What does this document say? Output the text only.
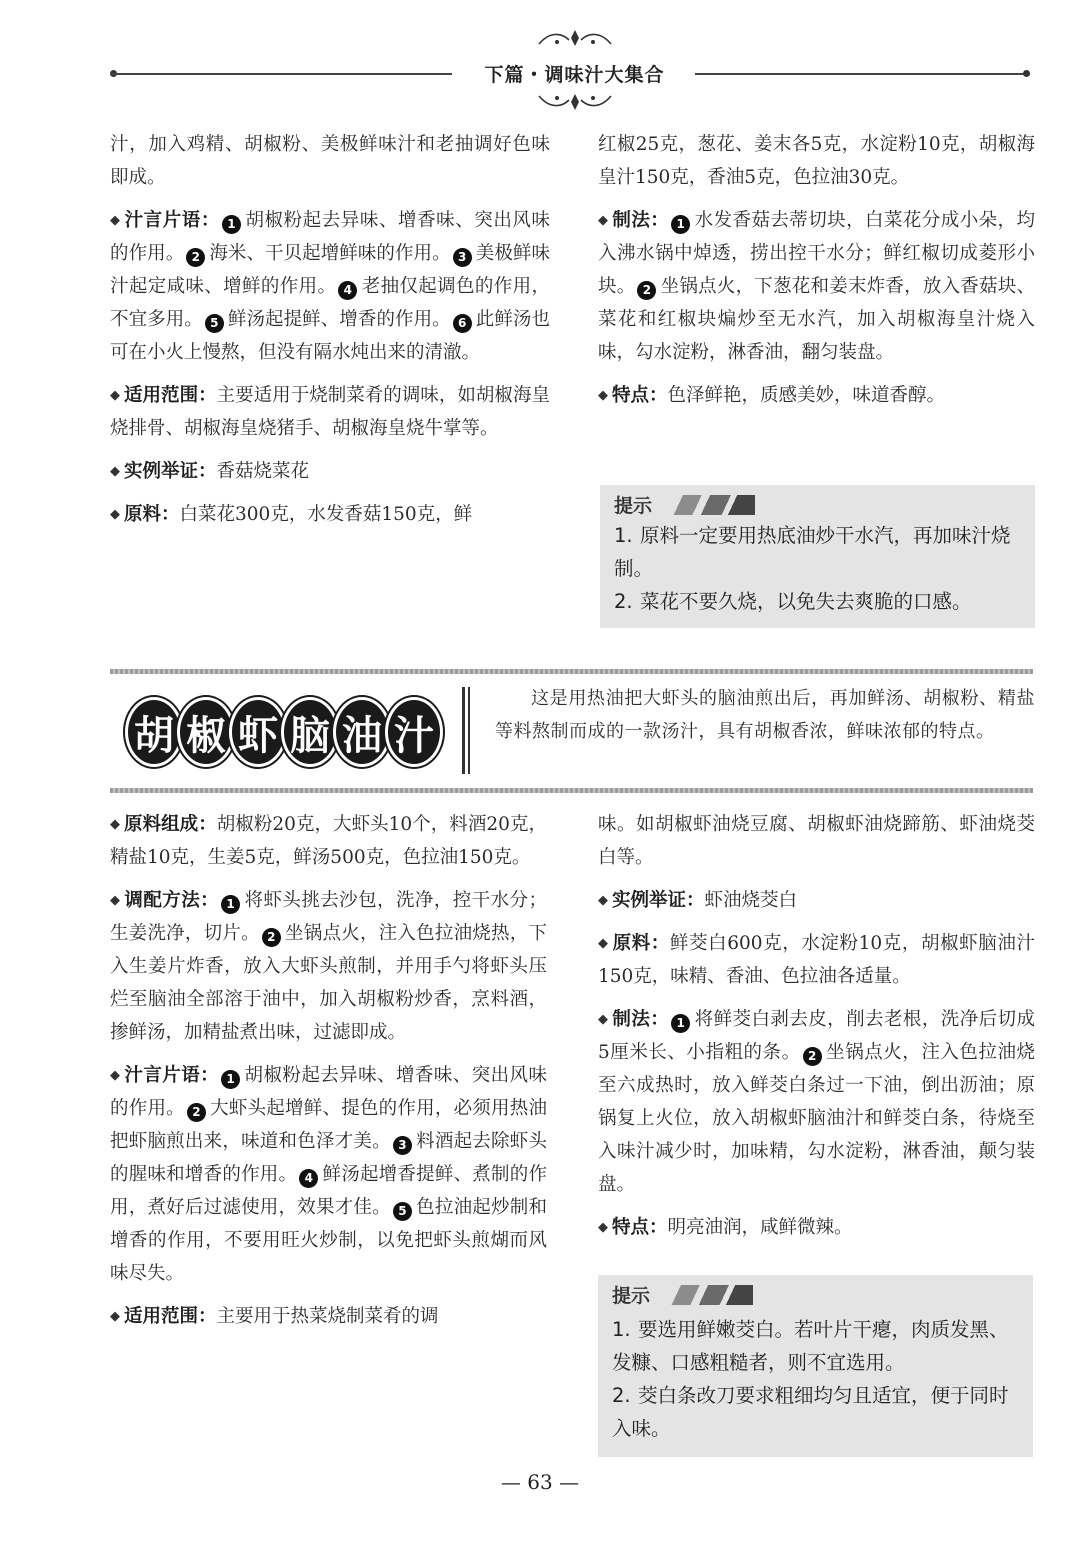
下篇・调味汁大集合

汁，加入鸡精、胡椒粉、美极鲜味汁和老抽调好色味即成。

◆ 汁言片语： 1 胡椒粉起去异味、增香味、突出风味的作用。 2 海米、干贝起增鲜味的作用。 3 美极鲜味汁起定咸味、增鲜的作用。 4 老抽仅起调色的作用，不宜多用。 5 鲜汤起提鲜、增香的作用。 6 此鲜汤也可在小火上慢熬，但没有隔水炖出来的清澈。

◆ 适用范围：主要适用于烧制菜肴的调味，如胡椒海皇烧排骨、胡椒海皇烧猪手、胡椒海皇烧牛掌等。

◆ 实例举证：香菇烧菜花

◆ 原料：白菜花300克，水发香菇150克，鲜

红椒25克，葱花、姜末各5克，水淀粉10克，胡椒海皇汁150克，香油5克，色拉油30克。

◆ 制法： 1 水发香菇去蒂切块，白菜花分成小朵，均入沸水锅中焯透，捞出控干水分；鲜红椒切成菱形小块。 2 坐锅点火，下葱花和姜末炸香，放入香菇块、菜花和红椒块煸炒至无水汽，加入胡椒海皇汁烧入味，勾水淀粉，淋香油，翻匀装盘。

◆ 特点：色泽鲜艳，质感美妙，味道香醇。

提示
1. 原料一定要用热底油炒干水汽，再加味汁烧制。
2. 菜花不要久烧，以免失去爽脆的口感。
胡 椒 虾 脑 油 汁
这是用热油把大虾头的脑油煎出后，再加鲜汤、胡椒粉、精盐等料熬制而成的一款汤汁，具有胡椒香浓，鲜味浓郁的特点。

◆ 原料组成：胡椒粉20克，大虾头10个，料酒20克，精盐10克，生姜5克，鲜汤500克，色拉油150克。

◆ 调配方法： 1 将虾头挑去沙包，洗净，控干水分；生姜洗净，切片。 2 坐锅点火，注入色拉油烧热，下入生姜片炸香，放入大虾头煎制，并用手勺将虾头压烂至脑油全部溶于油中，加入胡椒粉炒香，烹料酒，掺鲜汤，加精盐煮出味，过滤即成。

◆ 汁言片语： 1 胡椒粉起去异味、增香味、突出风味的作用。 2 大虾头起增鲜、提色的作用，必须用热油把虾脑煎出来，味道和色泽才美。 3 料酒起去除虾头的腥味和增香的作用。 4 鲜汤起增香提鲜、煮制的作用，煮好后过滤使用，效果才佳。 5 色拉油起炒制和增香的作用，不要用旺火炒制，以免把虾头煎煳而风味尽失。

◆ 适用范围：主要用于热菜烧制菜肴的调

味。如胡椒虾油烧豆腐、胡椒虾油烧蹄筋、虾油烧茭白等。

◆ 实例举证：虾油烧茭白

◆ 原料：鲜茭白600克，水淀粉10克，胡椒虾脑油汁150克，味精、香油、色拉油各适量。

◆ 制法： 1 将鲜茭白剥去皮，削去老根，洗净后切成5厘米长、小指粗的条。 2 坐锅点火，注入色拉油烧至六成热时，放入鲜茭白条过一下油，倒出沥油；原锅复上火位，放入胡椒虾脑油汁和鲜茭白条，待烧至入味汁减少时，加味精，勾水淀粉，淋香油，颠匀装盘。

◆ 特点：明亮油润，咸鲜微辣。

提示
1. 要选用鲜嫩茭白。若叶片干瘪，肉质发黑、发糠、口感粗糙者，则不宜选用。
2. 茭白条改刀要求粗细均匀且适宜，便于同时入味。
— 63 —
